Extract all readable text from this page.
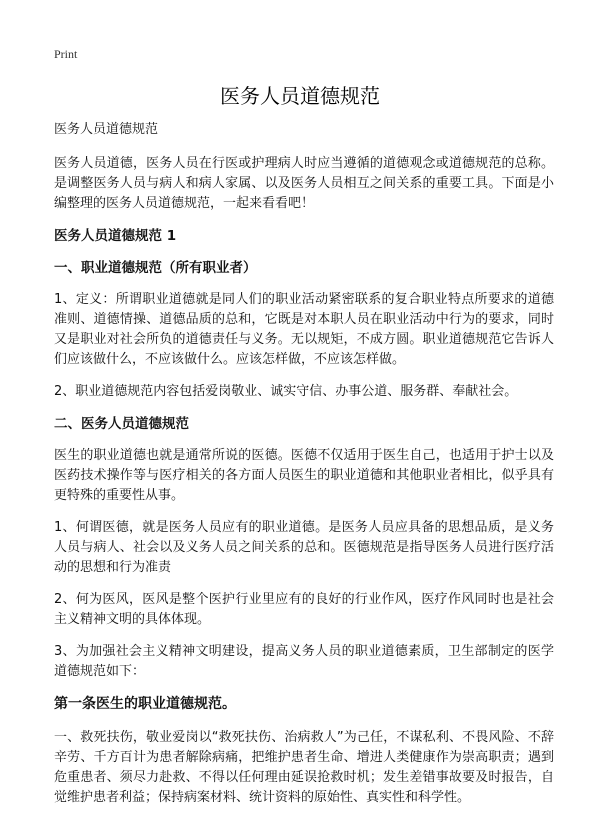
Print
医务人员道德规范

医务人员道德规范

医务人员道德，医务人员在行医或护理病人时应当遵循的道德观念或道德规范的总称。是调整医务人员与病人和病人家属、以及医务人员相互之间关系的重要工具。下面是小编整理的医务人员道德规范，一起来看看吧！

医务人员道德规范 1
一、职业道德规范（所有职业者）

1、定义：所谓职业道德就是同人们的职业活动紧密联系的复合职业特点所要求的道德准则、道德情操、道德品质的总和，它既是对本职人员在职业活动中行为的要求，同时又是职业对社会所负的道德责任与义务。无以规矩，不成方圆。职业道德规范它告诉人们应该做什么，不应该做什么。应该怎样做，不应该怎样做。

2、职业道德规范内容包括爱岗敬业、诚实守信、办事公道、服务群、奉献社会。

二、医务人员道德规范

医生的职业道德也就是通常所说的医德。医德不仅适用于医生自己，也适用于护士以及医药技术操作等与医疗相关的各方面人员医生的职业道德和其他职业者相比，似乎具有更特殊的重要性从事。

1、何谓医德，就是医务人员应有的职业道德。是医务人员应具备的思想品质，是义务人员与病人、社会以及义务人员之间关系的总和。医德规范是指导医务人员进行医疗活动的思想和行为准责

2、何为医风，医风是整个医护行业里应有的良好的行业作风，医疗作风同时也是社会主义精神文明的具体体现。

3、为加强社会主义精神文明建设，提高义务人员的职业道德素质，卫生部制定的医学道德规范如下：

第一条医生的职业道德规范。

一、救死扶伤，敬业爱岗以“救死扶伤、治病救人”为己任，不谋私利、不畏风险、不辞辛劳、千方百计为患者解除病痛，把维护患者生命、增进人类健康作为崇高职责；遇到危重患者、须尽力赴救、不得以任何理由延误抢救时机；发生差错事故要及时报告，自觉维护患者利益；保持病案材料、统计资料的原始性、真实性和科学性。
